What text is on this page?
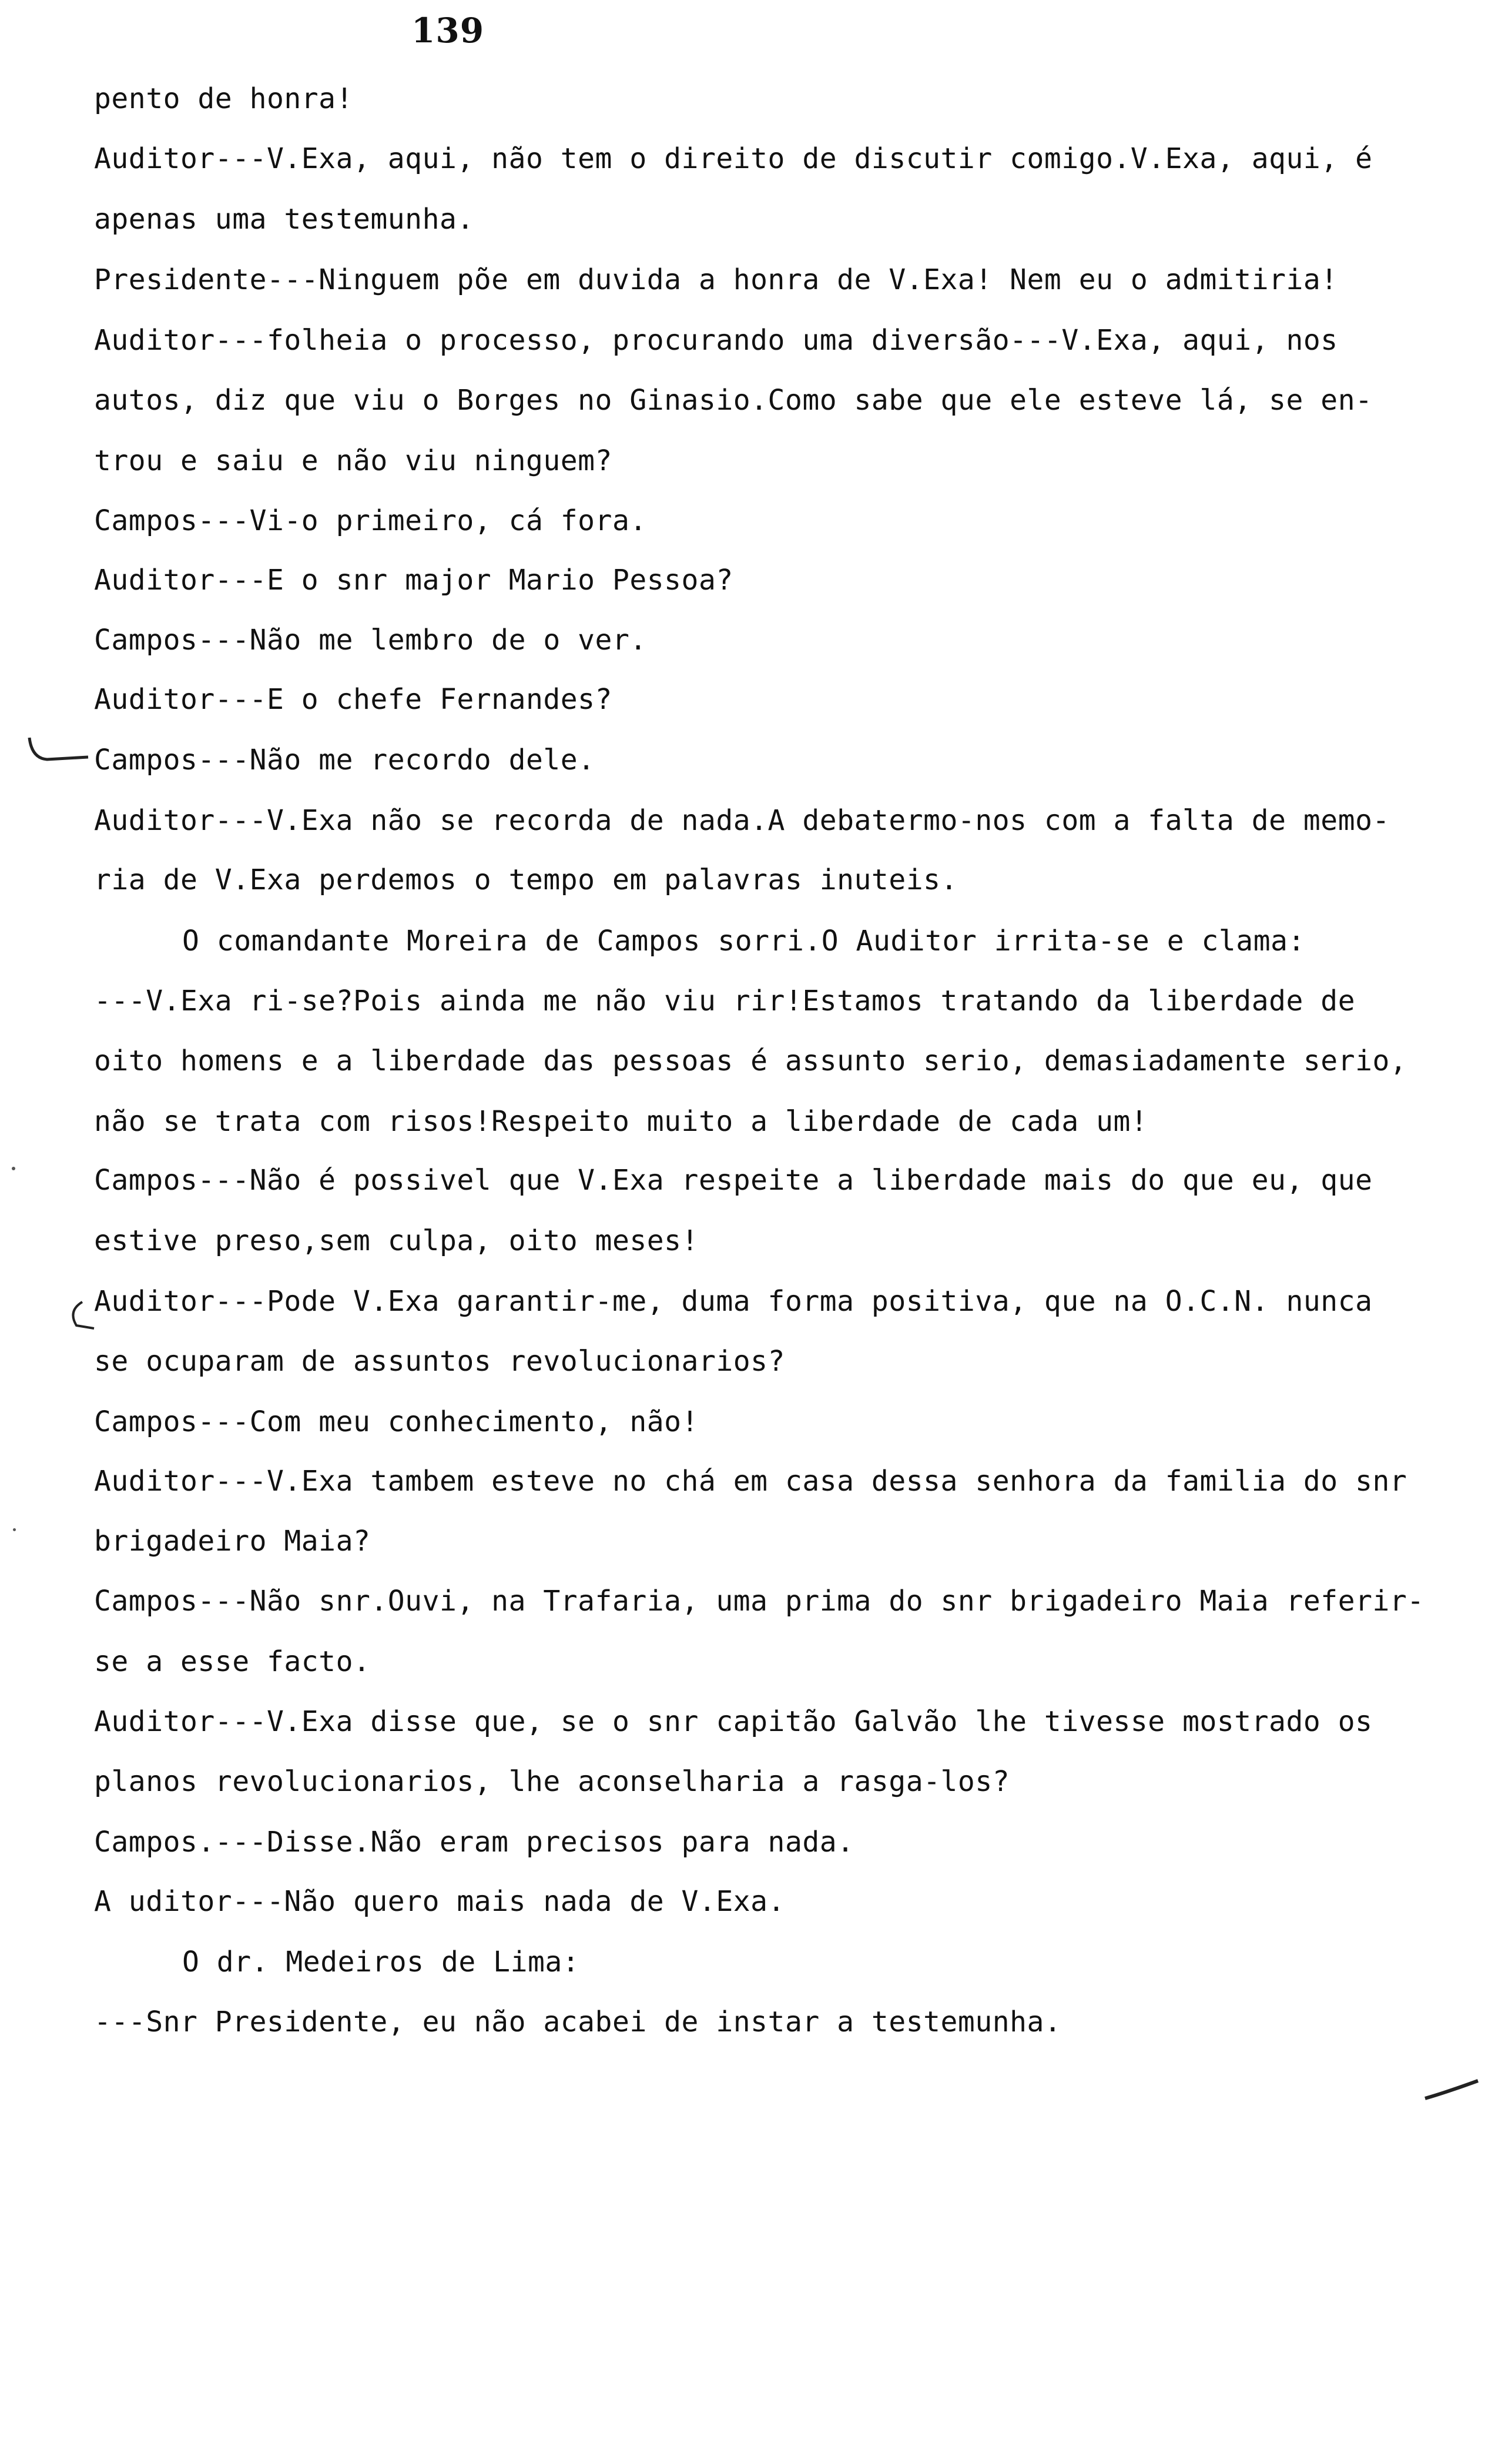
139
pento de honra!
Auditor---V.Exa, aqui, não tem o direito de discutir comigo.V.Exa, aqui, é
apenas uma testemunha.
Presidente---Ninguem põe em duvida a honra de V.Exa! Nem eu o admitiria!
Auditor---folheia o processo, procurando uma diversão---V.Exa, aqui, nos
autos, diz que viu o Borges no Ginasio.Como sabe que ele esteve lá, se en-
trou e saiu e não viu ninguem?
Campos---Vi-o primeiro, cá fora.
Auditor---E o snr major Mario Pessoa?
Campos---Não me lembro de o ver.
Auditor---E o chefe Fernandes?
Campos---Não me recordo dele.
Auditor---V.Exa não se recorda de nada.A debatermo-nos com a falta de memo-
ria de V.Exa perdemos o tempo em palavras inuteis.
O comandante Moreira de Campos sorri.O Auditor irrita-se e clama:
---V.Exa ri-se?Pois ainda me não viu rir!Estamos tratando da liberdade de
oito homens e a liberdade das pessoas é assunto serio, demasiadamente serio,
não se trata com risos!Respeito muito a liberdade de cada um!
Campos---Não é possivel que V.Exa respeite a liberdade mais do que eu, que
estive preso,sem culpa, oito meses!
Auditor---Pode V.Exa garantir-me, duma forma positiva, que na O.C.N. nunca
se ocuparam de assuntos revolucionarios?
Campos---Com meu conhecimento, não!
Auditor---V.Exa tambem esteve no chá em casa dessa senhora da familia do snr
brigadeiro Maia?
Campos---Não snr.Ouvi, na Trafaria, uma prima do snr brigadeiro Maia referir-
se a esse facto.
Auditor---V.Exa disse que, se o snr capitão Galvão lhe tivesse mostrado os
planos revolucionarios, lhe aconselharia a rasga-los?
Campos.---Disse.Não eram precisos para nada.
A uditor---Não quero mais nada de V.Exa.
O dr. Medeiros de Lima:
---Snr Presidente, eu não acabei de instar a testemunha.
